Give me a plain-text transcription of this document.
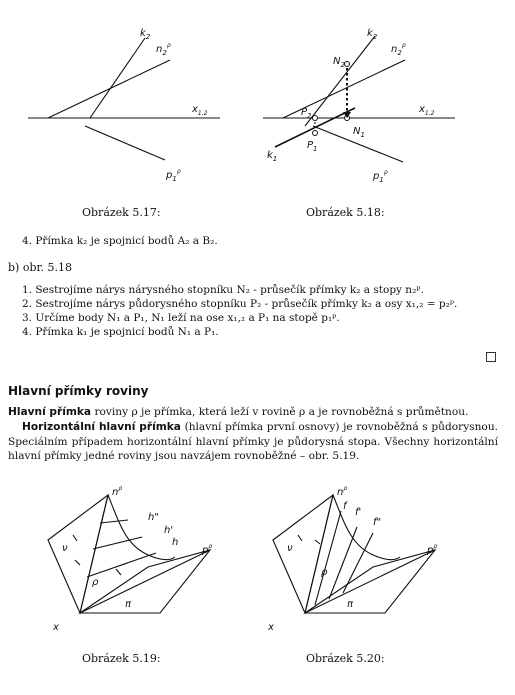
$k_2$
$n_2^\rho$
$x_{1,2}$
$p_1^\rho$
Obrázek 5.17:
$k_2$
$n_2^\rho$
$N_2$
$P_2$
$N_1$
$P_1$
$k_1$
$x_{1,2}$
$p_1^\rho$
Obrázek 5.18:
4. Přímka k₂ je spojnicí bodů A₂ a B₂.
b) obr. 5.18
1. Sestrojíme nárys nárysného stopníku N₂ - průsečík přímky k₂ a stopy n₂ᵖ.
2. Sestrojíme nárys půdorysného stopníku P₂ - průsečík přímky k₂ a osy x₁,₂ = p₂ᵖ.
3. Určíme body N₁ a P₁, N₁ leží na ose x₁,₂ a P₁ na stopě p₁ᵖ.
4. Přímka k₁ je spojnicí bodů N₁ a P₁.
Hlavní přímky roviny
Hlavní přímka roviny ρ je přímka, která leží v rovině ρ a je rovnoběžná s průmětnou.
Horizontální hlavní přímka (hlavní přímka první osnovy) je rovnoběžná s půdorysnou. Speciálním případem horizontální hlavní přímky je půdorysná stopa. Všechny horizontální hlavní přímky jedné roviny jsou navzájem rovnoběžné – obr. 5.19.
$n^\rho$
h"
h'
h
$p^\rho$
ν
ρ
π
x
Obrázek 5.19:
$n^\rho$
f
f'
f"
$p^\rho$
ν
ρ
π
x
Obrázek 5.20:
